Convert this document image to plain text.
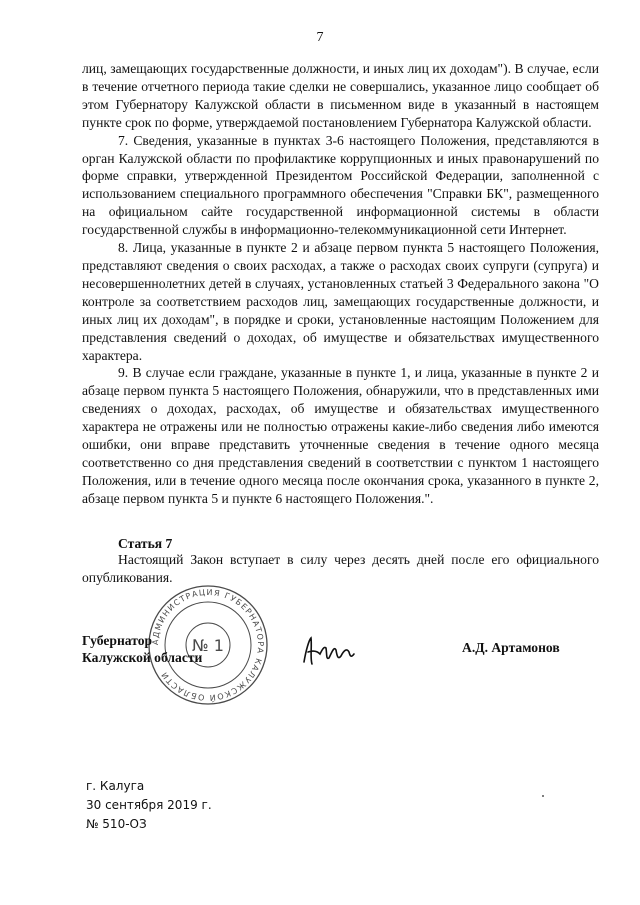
7

лиц, замещающих государственные должности, и иных лиц их доходам"). В случае, если в течение отчетного периода такие сделки не совершались, указанное лицо сообщает об этом Губернатору Калужской области в письменном виде в указанный в настоящем пункте срок по форме, утверждаемой постановлением Губернатора Калужской области.

7. Сведения, указанные в пунктах 3-6 настоящего Положения, представляются в орган Калужской области по профилактике коррупционных и иных правонарушений по форме справки, утвержденной Президентом Российской Федерации, заполненной с использованием специального программного обеспечения "Справки БК", размещенного на официальном сайте государственной информационной системы в области государственной службы в информационно-телекоммуникационной сети Интернет.

8. Лица, указанные в пункте 2 и абзаце первом пункта 5 настоящего Положения, представляют сведения о своих расходах, а также о расходах своих супруги (супруга) и несовершеннолетних детей в случаях, установленных статьей 3 Федерального закона "О контроле за соответствием расходов лиц, замещающих государственные должности, и иных лиц их доходам", в порядке и сроки, установленные настоящим Положением для представления сведений о доходах, об имуществе и обязательствах имущественного характера.

9. В случае если граждане, указанные в пункте 1, и лица, указанные в пункте 2 и абзаце первом пункта 5 настоящего Положения, обнаружили, что в представленных ими сведениях о доходах, расходах, об имуществе и обязательствах имущественного характера не отражены или не полностью отражены какие-либо сведения либо имеются ошибки, они вправе представить уточненные сведения в течение одного месяца соответственно со дня представления сведений в соответствии с пунктом 1 настоящего Положения, или в течение одного месяца после окончания срока, указанного в пункте 2, абзаце первом пункта 5 и пункте 6 настоящего Положения.".

Статья 7

Настоящий Закон вступает в силу через десять дней после его официального опубликования.

АДМИНИСТРАЦИЯ ГУБЕРНАТОРА КАЛУЖСКОЙ ОБЛАСТИ
№ 1
Губернатор
Калужской области
А.Д. Артамонов
г. Калуга
30 сентября 2019 г.
№ 510-ОЗ
